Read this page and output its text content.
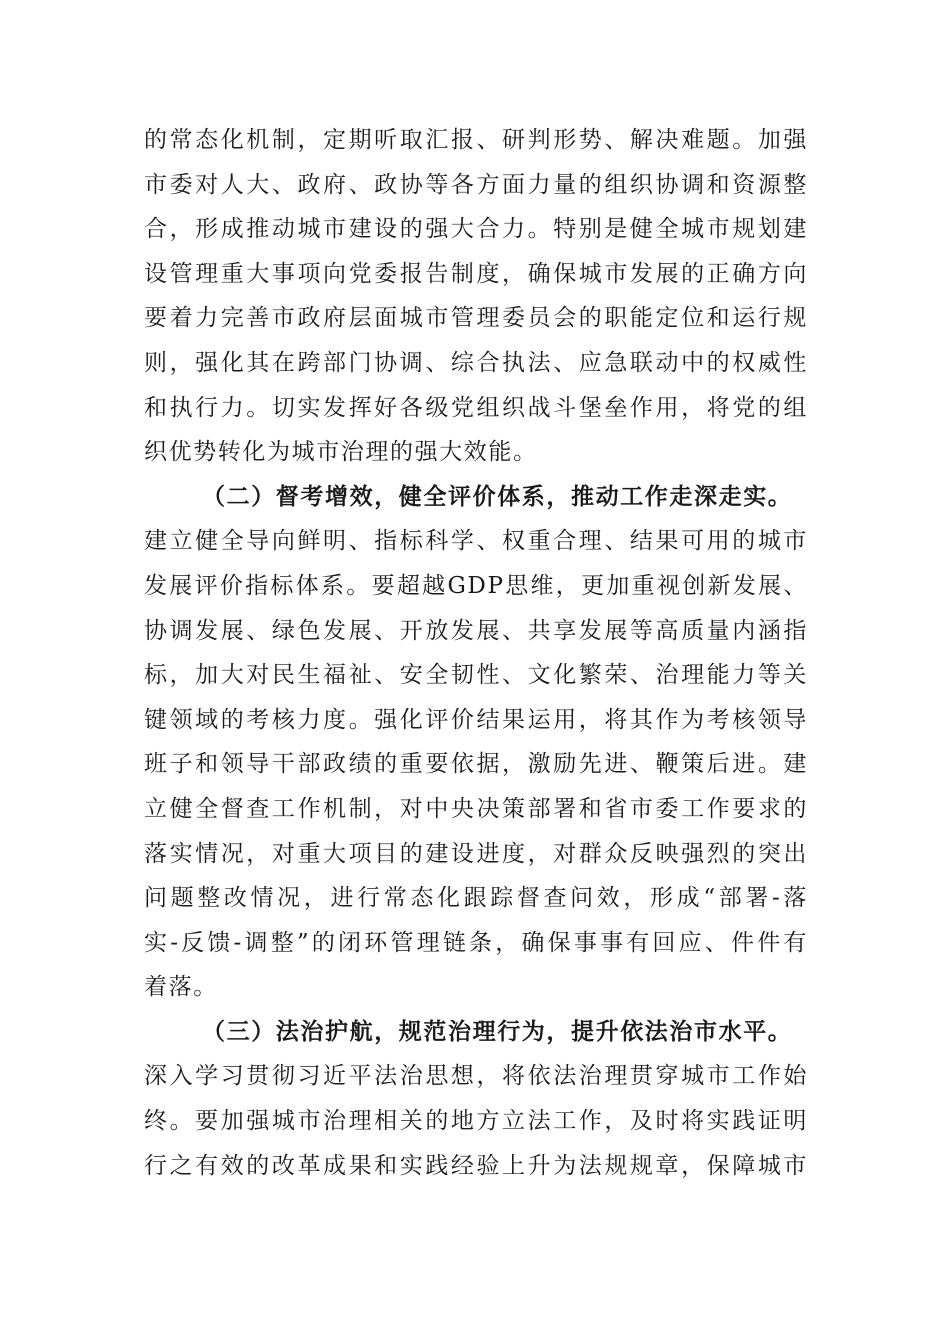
的常态化机制，定期听取汇报、研判形势、解决难题。加强
市委对人大、政府、政协等各方面力量的组织协调和资源整
合，形成推动城市建设的强大合力。特别是健全城市规划建
设管理重大事项向党委报告制度，确保城市发展的正确方向
要着力完善市政府层面城市管理委员会的职能定位和运行规
则，强化其在跨部门协调、综合执法、应急联动中的权威性
和执行力。切实发挥好各级党组织战斗堡垒作用，将党的组
织优势转化为城市治理的强大效能。
（二）督考增效，健全评价体系，推动工作走深走实。
建立健全导向鲜明、指标科学、权重合理、结果可用的城市
发展评价指标体系。要超越GDP思维，更加重视创新发展、
协调发展、绿色发展、开放发展、共享发展等高质量内涵指
标，加大对民生福祉、安全韧性、文化繁荣、治理能力等关
键领域的考核力度。强化评价结果运用，将其作为考核领导
班子和领导干部政绩的重要依据，激励先进、鞭策后进。建
立健全督查工作机制，对中央决策部署和省市委工作要求的
落实情况，对重大项目的建设进度，对群众反映强烈的突出
问题整改情况，进行常态化跟踪督查问效，形成“部署-落
实-反馈-调整”的闭环管理链条，确保事事有回应、件件有
着落。
（三）法治护航，规范治理行为，提升依法治市水平。
深入学习贯彻习近平法治思想，将依法治理贯穿城市工作始
终。要加强城市治理相关的地方立法工作，及时将实践证明
行之有效的改革成果和实践经验上升为法规规章，保障城市
